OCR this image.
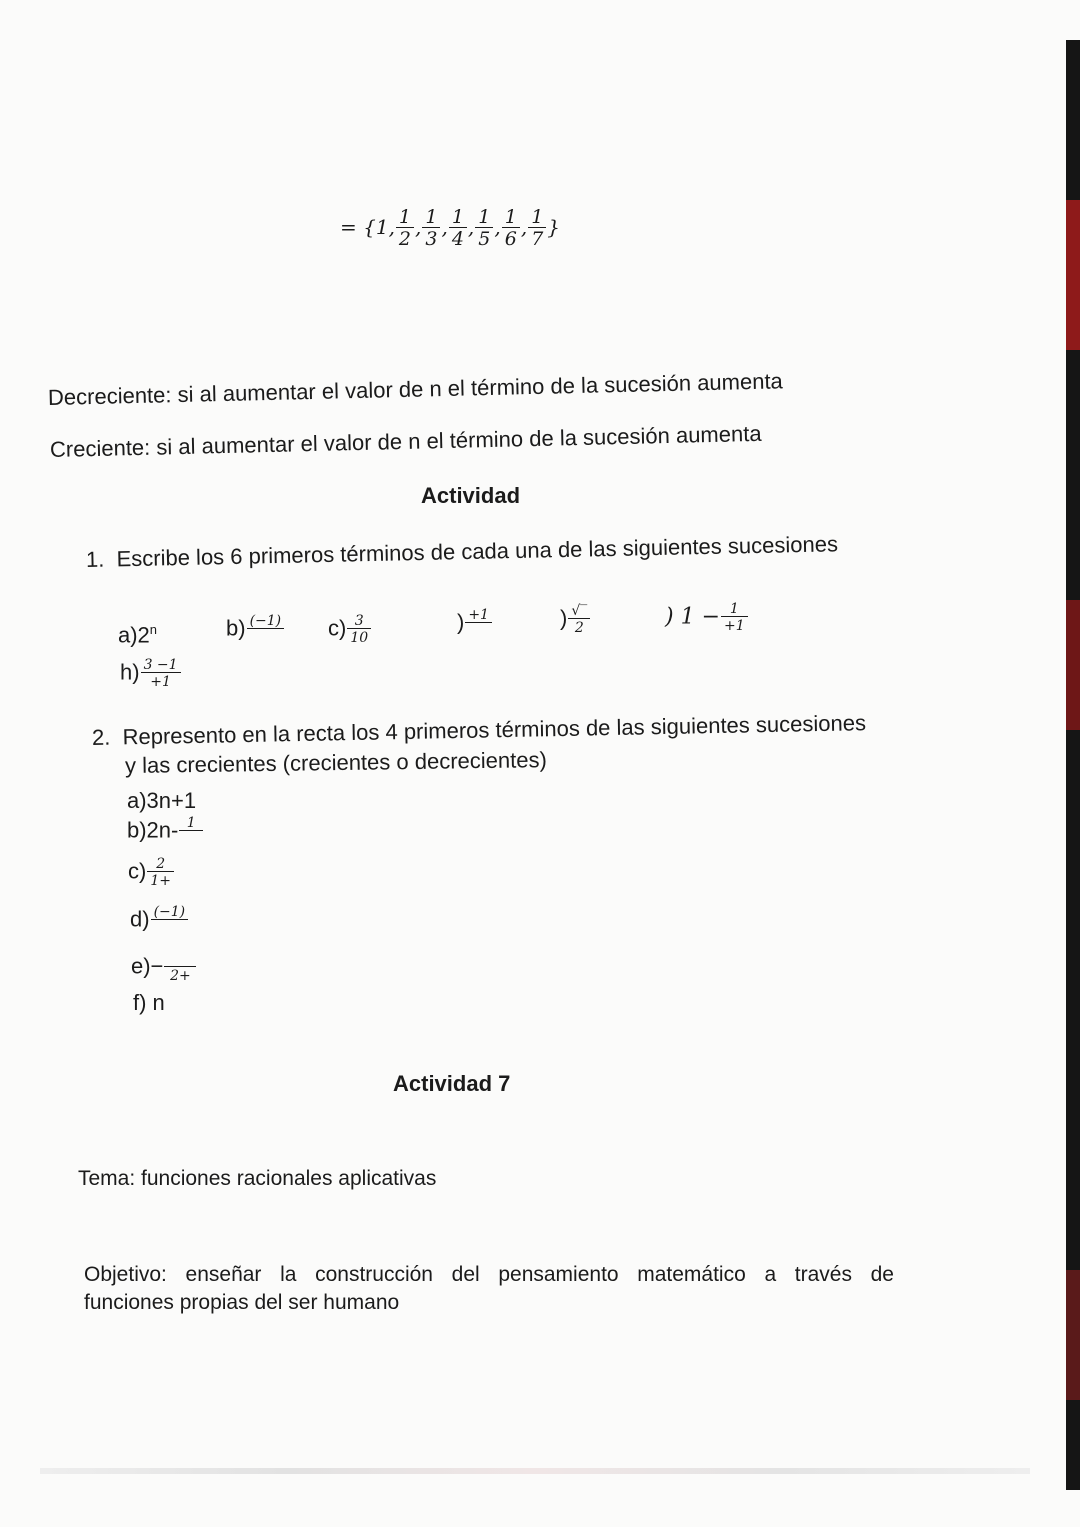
= {1, $\frac{1}{2}$ , $\frac{1}{3}$ , $\frac{1}{4}$ , $\frac{1}{5}$ , $\frac{1}{6}$ , $\frac{1}{7}$ }
Decreciente: si al aumentar el valor de n el término de la sucesión aumenta
Creciente: si al aumentar el valor de n el término de la sucesión aumenta
Actividad
1. Escribe los 6 primeros términos de cada una de las siguientes sucesiones
a)2$^n$	b) (−1)
$c) \frac{3}{10}$	) +1
	) $\frac{√‾}{2}$	) $1 - \frac{1}{+1}$
$h) \frac{3 -1}{+1}$
2. Represento en la recta los 4 primeros términos de las siguientes sucesiones
y las crecientes (crecientes o decrecientes)
a)3n+1
b)2n- 1

$c) \frac{2}{1+}$
d) (−1)

e)−
2+
f) n
Actividad 7
Tema: funciones racionales aplicativas
Objetivo: enseñar la construcción del pensamiento matemático a través de
funciones propias del ser humano
